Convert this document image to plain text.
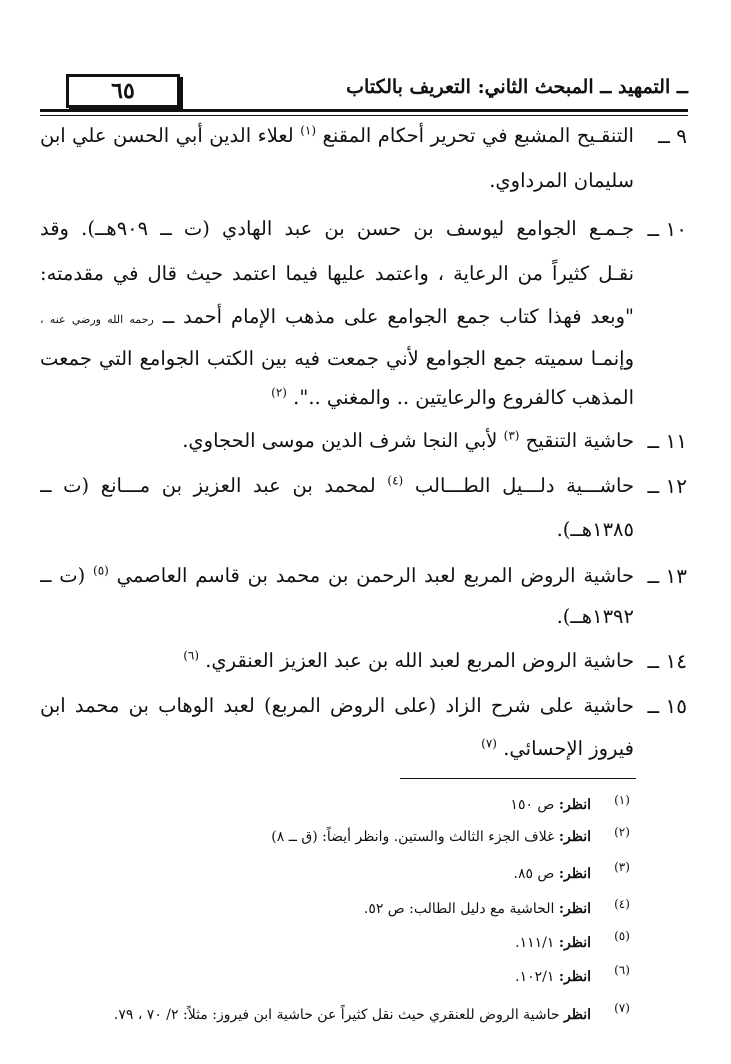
ــ التمهيد ــ المبحث الثاني: التعريف بالكتاب
٦٥
٩ ــ
التنقـيح المشبع في تحرير أحكام المقنع $^{(١)}$ لعلاء الدين أبي الحسن علي ابن
سليمان المرداوي.
١٠ ــ
جـمـع الجوامع ليوسف بن حسن بن عبد الهادي (ت ــ ٩٠٩هــ). وقد
نقـل كثيراً من الرعاية ، واعتمد عليها فيما اعتمد حيث قال في مقدمته:
"وبعد فهذا كتاب جمع الجوامع على مذهب الإمام أحمد ــ رحمه الله ورضي عنه ،
وإنمـا سميته جمع الجوامع لأني جمعت فيه بين الكتب الجوامع التي جمعت
المذهب كالفروع والرعايتين .. والمغني ..". $^{(٢)}$
١١ ــ
حاشية التنقيح $^{(٣)}$ لأبي النجا شرف الدين موسى الحجاوي.
١٢ ــ
حاشـــية دلـــيل الطـــالب $^{(٤)}$ لمحمد بن عبد العزيز بن مـــانع (ت ــ
١٣٨٥هــ).
١٣ ــ
حاشية الروض المربع لعبد الرحمن بن محمد بن قاسم العاصمي $^{(٥)}$ (ت ــ
١٣٩٢هــ).
١٤ ــ
حاشية الروض المربع لعبد الله بن عبد العزيز العنقري. $^{(٦)}$
١٥ ــ
حاشية على شرح الزاد (على الروض المربع) لعبد الوهاب بن محمد ابن
فيروز الإحسائي. $^{(٧)}$
(١)
انظر: ص ١٥٠
(٢)
انظر: غلاف الجزء الثالث والستين. وانظر أيضاً: (ق ــ ٨)
(٣)
انظر: ص ٨٥.
(٤)
انظر: الحاشية مع دليل الطالب: ص ٥٢.
(٥)
انظر: ١١١/١.
(٦)
انظر: ١٠٢/١.
(٧)
انظر حاشية الروض للعنقري حيث نقل كثيراً عن حاشية ابن فيروز: مثلاً: ٢/ ٧٠ ، ٧٩.
